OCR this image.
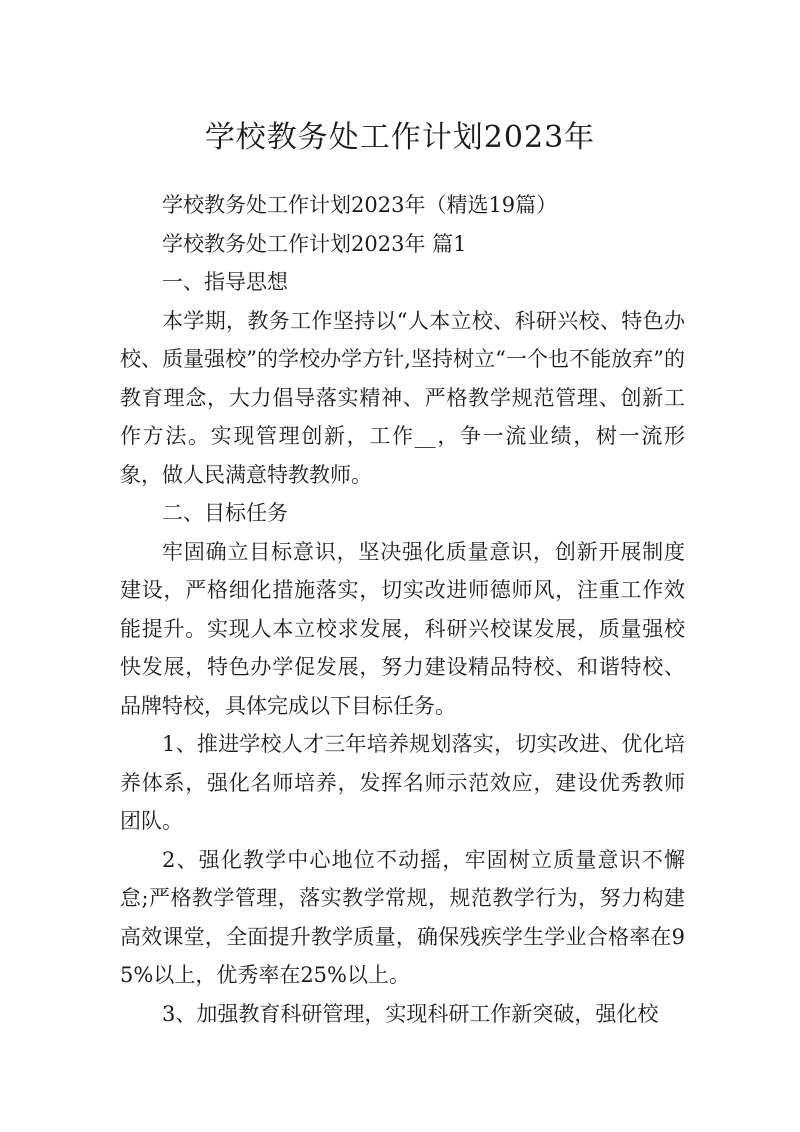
学校教务处工作计划2023年

学校教务处工作计划2023年（精选19篇）

学校教务处工作计划2023年 篇1

一、指导思想

本学期，教务工作坚持以“人本立校、科研兴校、特色办校、质量强校”的学校办学方针,坚持树立“一个也不能放弃”的教育理念，大力倡导落实精神、严格教学规范管理、创新工作方法。实现管理创新，工作__，争一流业绩，树一流形象，做人民满意特教教师。

二、目标任务

牢固确立目标意识，坚决强化质量意识，创新开展制度建设，严格细化措施落实，切实改进师德师风，注重工作效能提升。实现人本立校求发展，科研兴校谋发展，质量强校快发展，特色办学促发展，努力建设精品特校、和谐特校、品牌特校，具体完成以下目标任务。

1、推进学校人才三年培养规划落实，切实改进、优化培养体系，强化名师培养，发挥名师示范效应，建设优秀教师团队。

2、强化教学中心地位不动摇，牢固树立质量意识不懈怠;严格教学管理，落实教学常规，规范教学行为，努力构建高效课堂，全面提升教学质量，确保残疾学生学业合格率在95%以上，优秀率在25%以上。

3、加强教育科研管理，实现科研工作新突破，强化校
